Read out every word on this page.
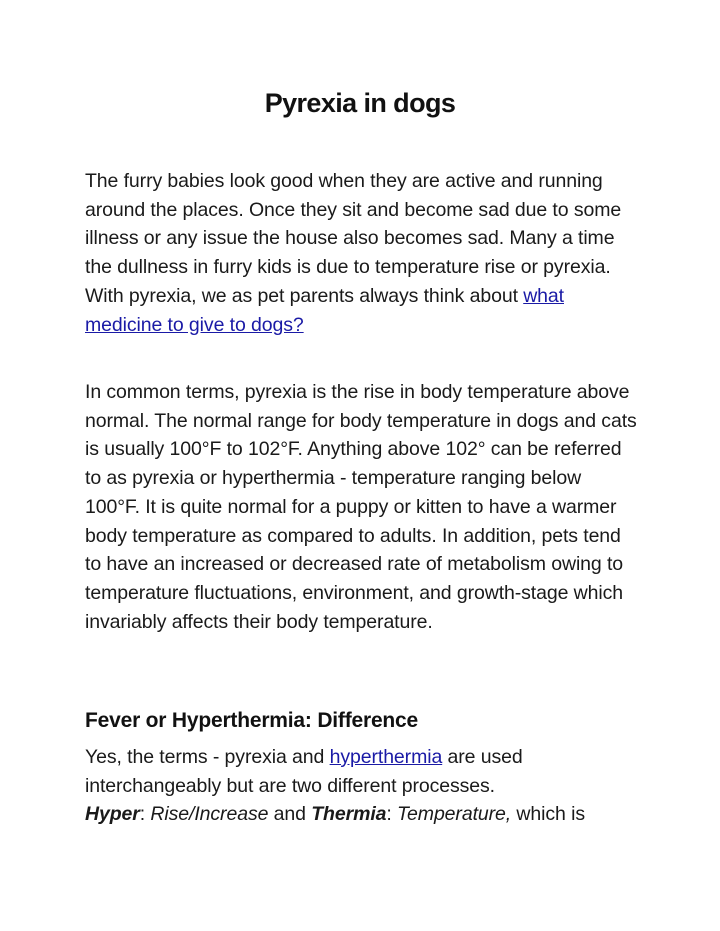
Pyrexia in dogs

The furry babies look good when they are active and running around the places. Once they sit and become sad due to some illness or any issue the house also becomes sad. Many a time the dullness in furry kids is due to temperature rise or pyrexia. With pyrexia, we as pet parents always think about what medicine to give to dogs?

In common terms, pyrexia is the rise in body temperature above normal. The normal range for body temperature in dogs and cats is usually 100°F to 102°F. Anything above 102° can be referred to as pyrexia or hyperthermia - temperature ranging below 100°F. It is quite normal for a puppy or kitten to have a warmer body temperature as compared to adults. In addition, pets tend to have an increased or decreased rate of metabolism owing to temperature fluctuations, environment, and growth-stage which invariably affects their body temperature.

Fever or Hyperthermia: Difference

Yes, the terms - pyrexia and hyperthermia are used interchangeably but are two different processes.
Hyper: Rise/Increase and Thermia: Temperature, which is
